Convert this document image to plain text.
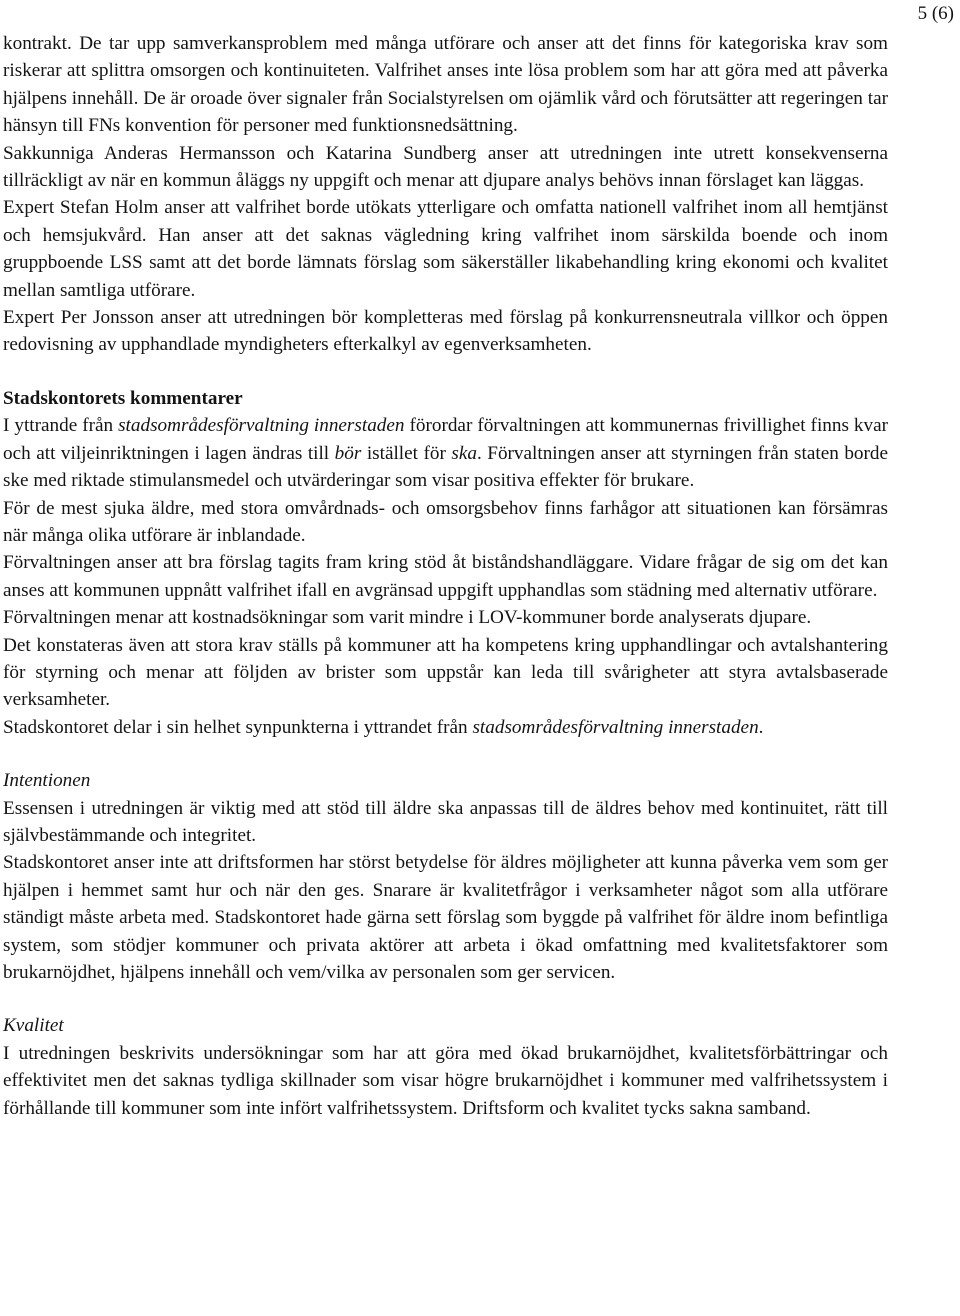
5 (6)

kontrakt. De tar upp samverkansproblem med många utförare och anser att det finns för kategoriska krav som riskerar att splittra omsorgen och kontinuiteten. Valfrihet anses inte lösa problem som har att göra med att påverka hjälpens innehåll. De är oroade över signaler från Socialstyrelsen om ojämlik vård och förutsätter att regeringen tar hänsyn till FNs konvention för personer med funktionsnedsättning.

Sakkunniga Anderas Hermansson och Katarina Sundberg anser att utredningen inte utrett konsekvenserna tillräckligt av när en kommun åläggs ny uppgift och menar att djupare analys behövs innan förslaget kan läggas.

Expert Stefan Holm anser att valfrihet borde utökats ytterligare och omfatta nationell valfrihet inom all hemtjänst och hemsjukvård. Han anser att det saknas vägledning kring valfrihet inom särskilda boende och inom gruppboende LSS samt att det borde lämnats förslag som säkerställer likabehandling kring ekonomi och kvalitet mellan samtliga utförare.

Expert Per Jonsson anser att utredningen bör kompletteras med förslag på konkurrensneutrala villkor och öppen redovisning av upphandlade myndigheters efterkalkyl av egenverksamheten.

Stadskontorets kommentarer

I yttrande från stadsområdesförvaltning innerstaden förordar förvaltningen att kommunernas frivillighet finns kvar och att viljeinriktningen i lagen ändras till bör istället för ska. Förvaltningen anser att styrningen från staten borde ske med riktade stimulansmedel och utvärderingar som visar positiva effekter för brukare.

För de mest sjuka äldre, med stora omvårdnads- och omsorgsbehov finns farhågor att situationen kan försämras när många olika utförare är inblandade.

Förvaltningen anser att bra förslag tagits fram kring stöd åt biståndshandläggare. Vidare frågar de sig om det kan anses att kommunen uppnått valfrihet ifall en avgränsad uppgift upphandlas som städning med alternativ utförare.

Förvaltningen menar att kostnadsökningar som varit mindre i LOV-kommuner borde analyserats djupare.

Det konstateras även att stora krav ställs på kommuner att ha kompetens kring upphandlingar och avtalshantering för styrning och menar att följden av brister som uppstår kan leda till svårigheter att styra avtalsbaserade verksamheter.

Stadskontoret delar i sin helhet synpunkterna i yttrandet från stadsområdesförvaltning innerstaden.

Intentionen

Essensen i utredningen är viktig med att stöd till äldre ska anpassas till de äldres behov med kontinuitet, rätt till självbestämmande och integritet.

Stadskontoret anser inte att driftsformen har störst betydelse för äldres möjligheter att kunna påverka vem som ger hjälpen i hemmet samt hur och när den ges. Snarare är kvalitetfrågor i verksamheter något som alla utförare ständigt måste arbeta med. Stadskontoret hade gärna sett förslag som byggde på valfrihet för äldre inom befintliga system, som stödjer kommuner och privata aktörer att arbeta i ökad omfattning med kvalitetsfaktorer som brukarnöjdhet, hjälpens innehåll och vem/vilka av personalen som ger servicen.

Kvalitet

I utredningen beskrivits undersökningar som har att göra med ökad brukarnöjdhet, kvalitetsförbättringar och effektivitet men det saknas tydliga skillnader som visar högre brukarnöjdhet i kommuner med valfrihetssystem i förhållande till kommuner som inte infört valfrihetssystem. Driftsform och kvalitet tycks sakna samband.
